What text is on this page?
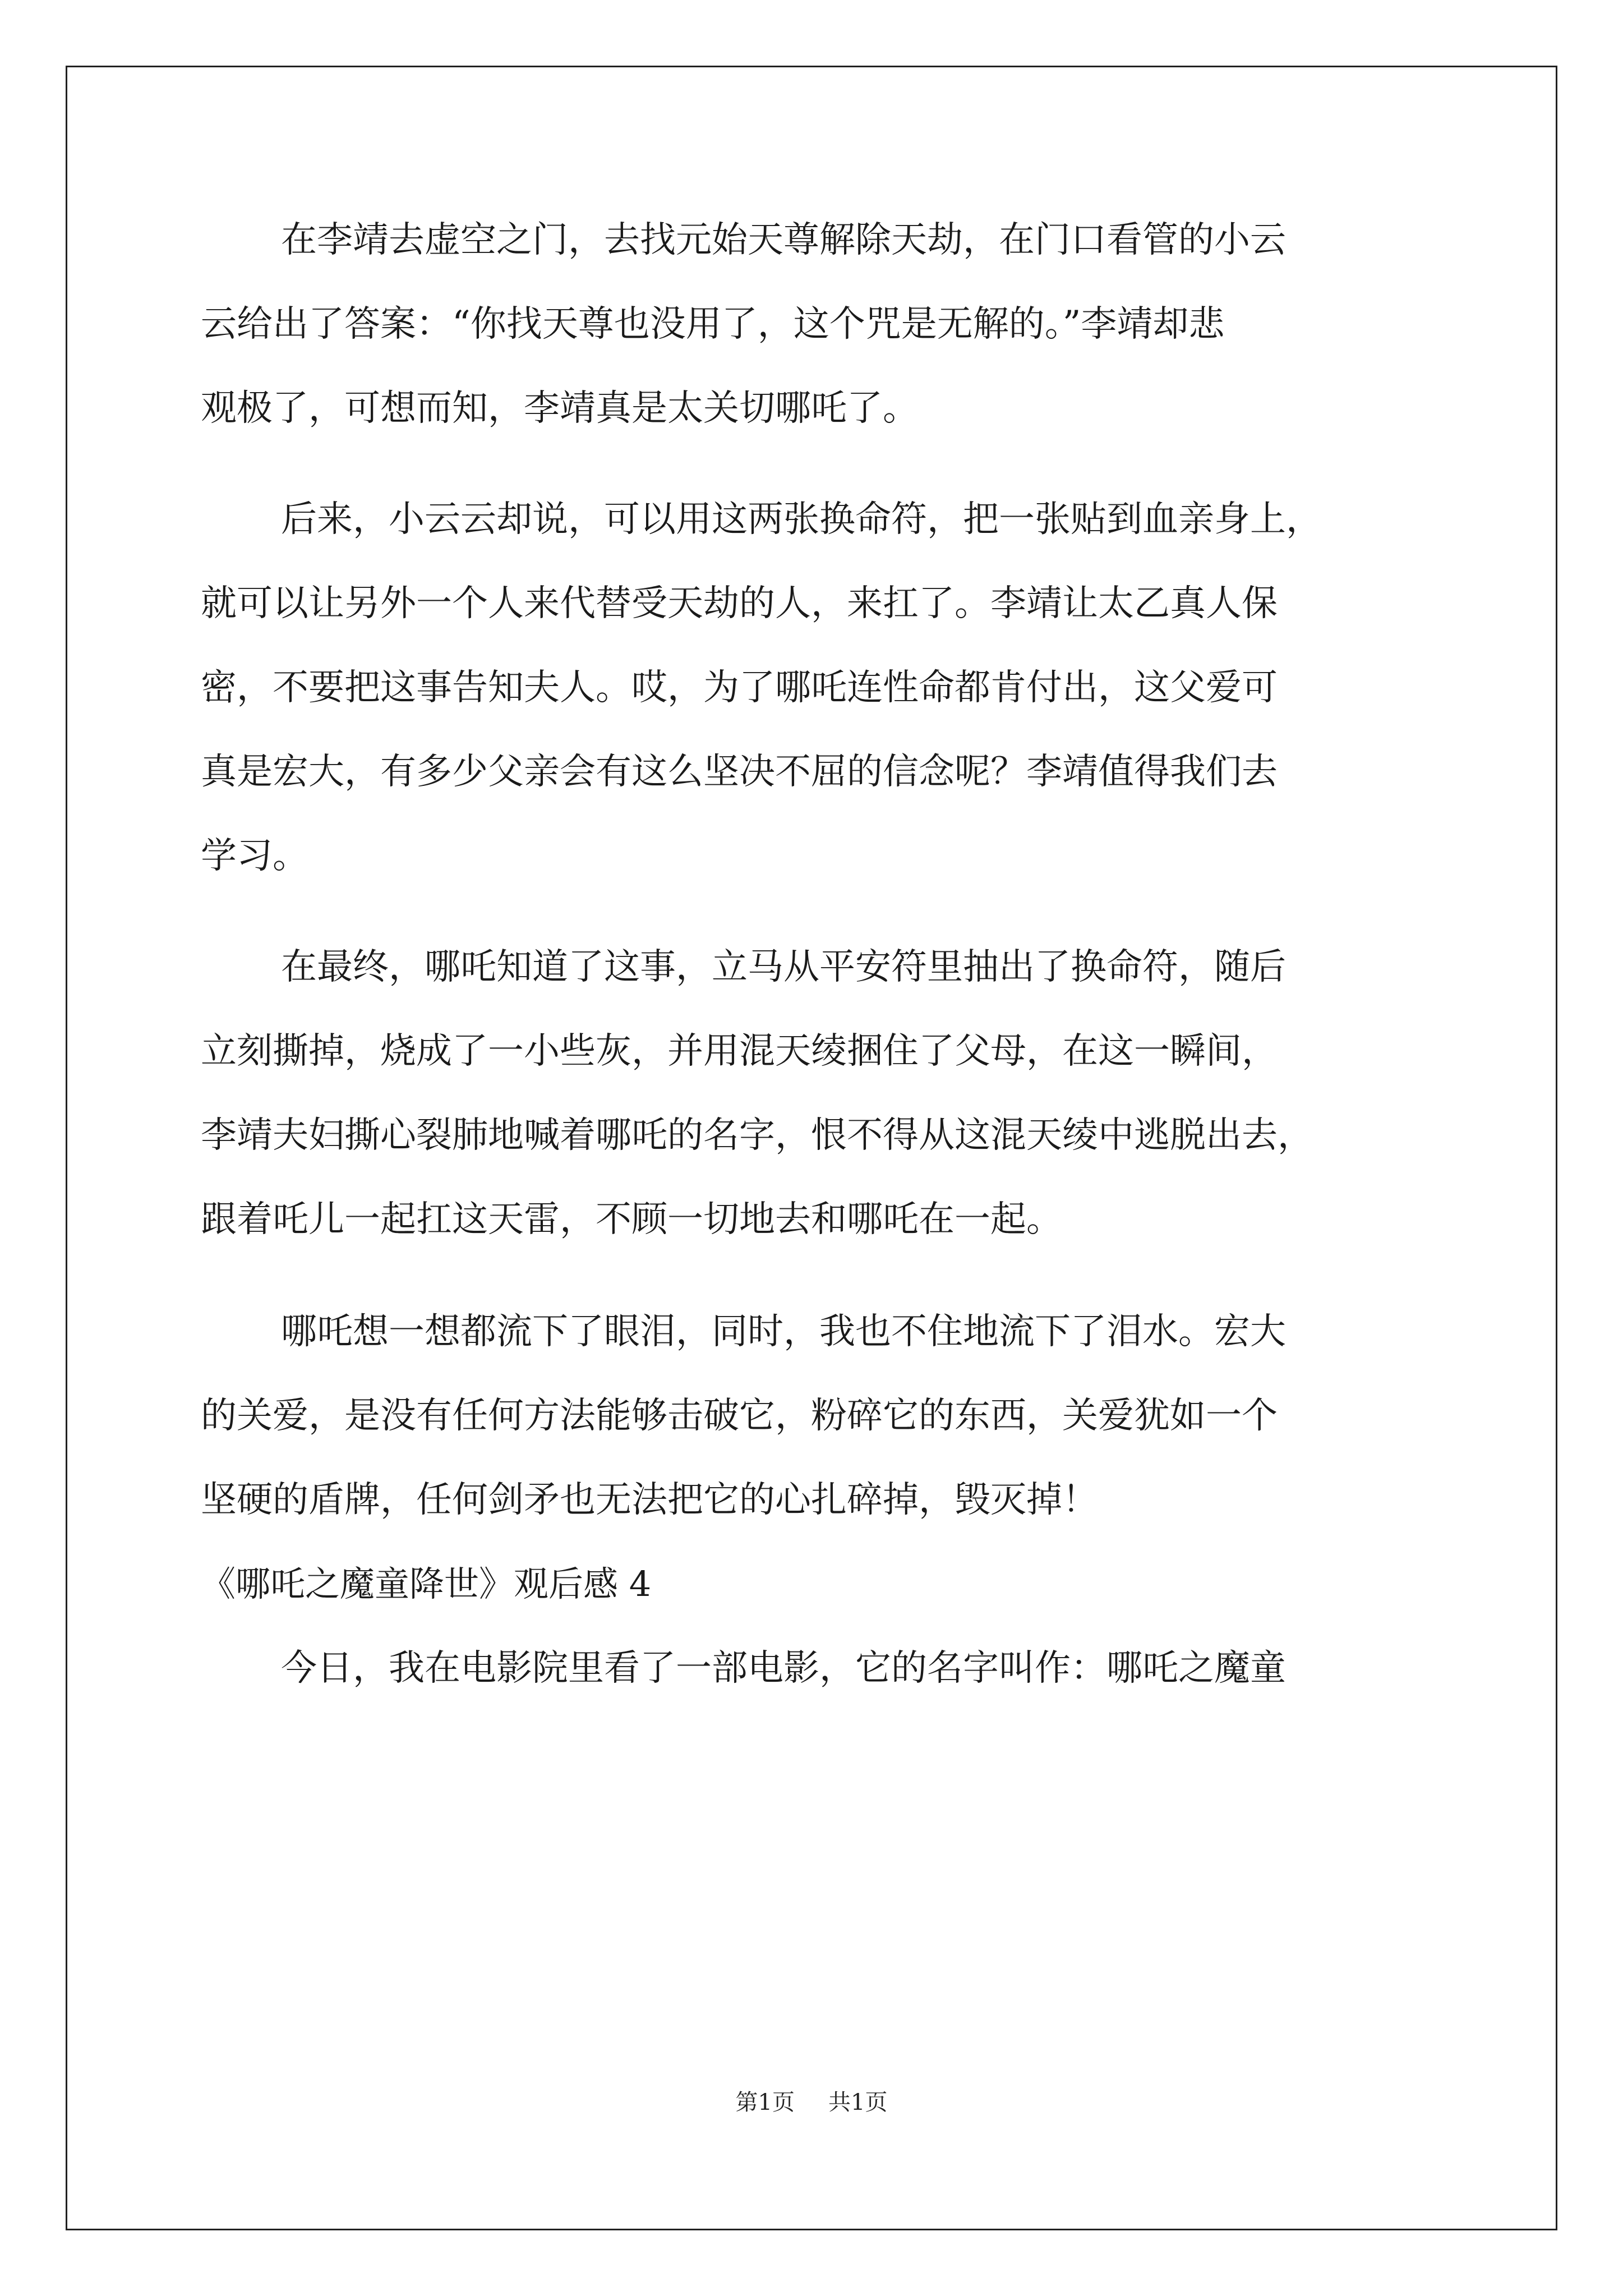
在李靖去虚空之门，去找元始天尊解除天劫，在门口看管的小云
云给出了答案：“你找天尊也没用了，这个咒是无解的。”李靖却悲
观极了，可想而知，李靖真是太关切哪吒了。
后来，小云云却说，可以用这两张换命符，把一张贴到血亲身上，
就可以让另外一个人来代替受天劫的人，来扛了。李靖让太乙真人保
密，不要把这事告知夫人。哎，为了哪吒连性命都肯付出，这父爱可
真是宏大，有多少父亲会有这么坚决不屈的信念呢？李靖值得我们去
学习。
在最终，哪吒知道了这事，立马从平安符里抽出了换命符，随后
立刻撕掉，烧成了一小些灰，并用混天绫捆住了父母，在这一瞬间，
李靖夫妇撕心裂肺地喊着哪吒的名字，恨不得从这混天绫中逃脱出去，
跟着吒儿一起扛这天雷，不顾一切地去和哪吒在一起。
哪吒想一想都流下了眼泪，同时，我也不住地流下了泪水。宏大
的关爱，是没有任何方法能够击破它，粉碎它的东西，关爱犹如一个
坚硬的盾牌，任何剑矛也无法把它的心扎碎掉，毁灭掉！
《哪吒之魔童降世》观后感 4
今日，我在电影院里看了一部电影，它的名字叫作：哪吒之魔童
第1页 共1页
